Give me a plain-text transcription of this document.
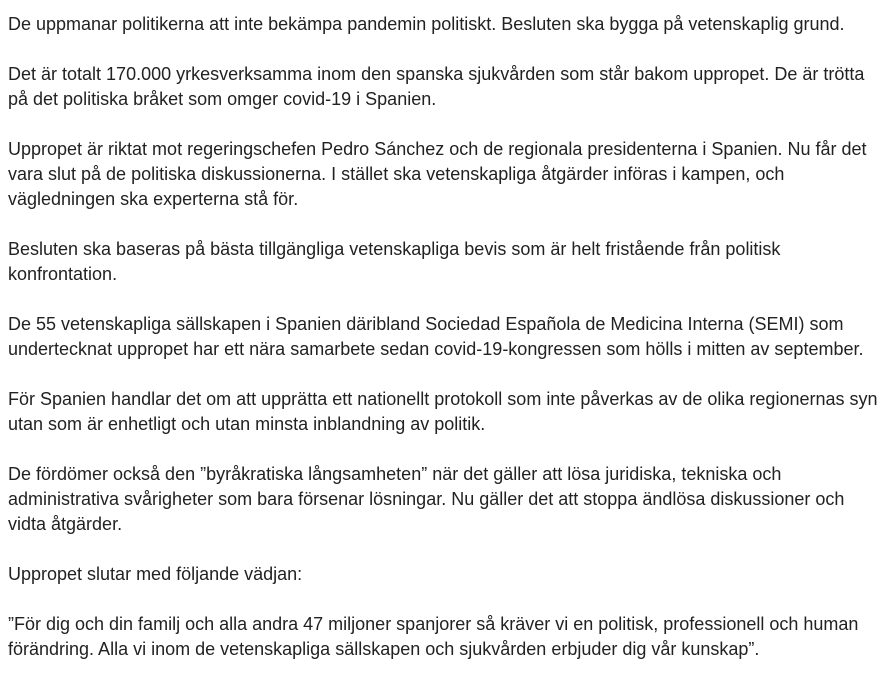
De uppmanar politikerna att inte bekämpa pandemin politiskt. Besluten ska bygga på vetenskaplig grund.

Det är totalt 170.000 yrkesverksamma inom den spanska sjukvården som står bakom uppropet. De är trötta på det politiska bråket som omger covid-19 i Spanien.

Uppropet är riktat mot regeringschefen Pedro Sánchez och de regionala presidenterna i Spanien. Nu får det vara slut på de politiska diskussionerna. I stället ska vetenskapliga åtgärder införas i kampen, och vägledningen ska experterna stå för.

Besluten ska baseras på bästa tillgängliga vetenskapliga bevis som är helt fristående från politisk konfrontation.

De 55 vetenskapliga sällskapen i Spanien däribland Sociedad Española de Medicina Interna (SEMI) som undertecknat uppropet har ett nära samarbete sedan covid-19-kongressen som hölls i mitten av september.

För Spanien handlar det om att upprätta ett nationellt protokoll som inte påverkas av de olika regionernas syn utan som är enhetligt och utan minsta inblandning av politik.

De fördömer också den ”byråkratiska långsamheten” när det gäller att lösa juridiska, tekniska och administrativa svårigheter som bara försenar lösningar. Nu gäller det att stoppa ändlösa diskussioner och vidta åtgärder.

Uppropet slutar med följande vädjan:

”För dig och din familj och alla andra 47 miljoner spanjorer så kräver vi en politisk, professionell och human förändring. Alla vi inom de vetenskapliga sällskapen och sjukvården erbjuder dig vår kunskap”.
